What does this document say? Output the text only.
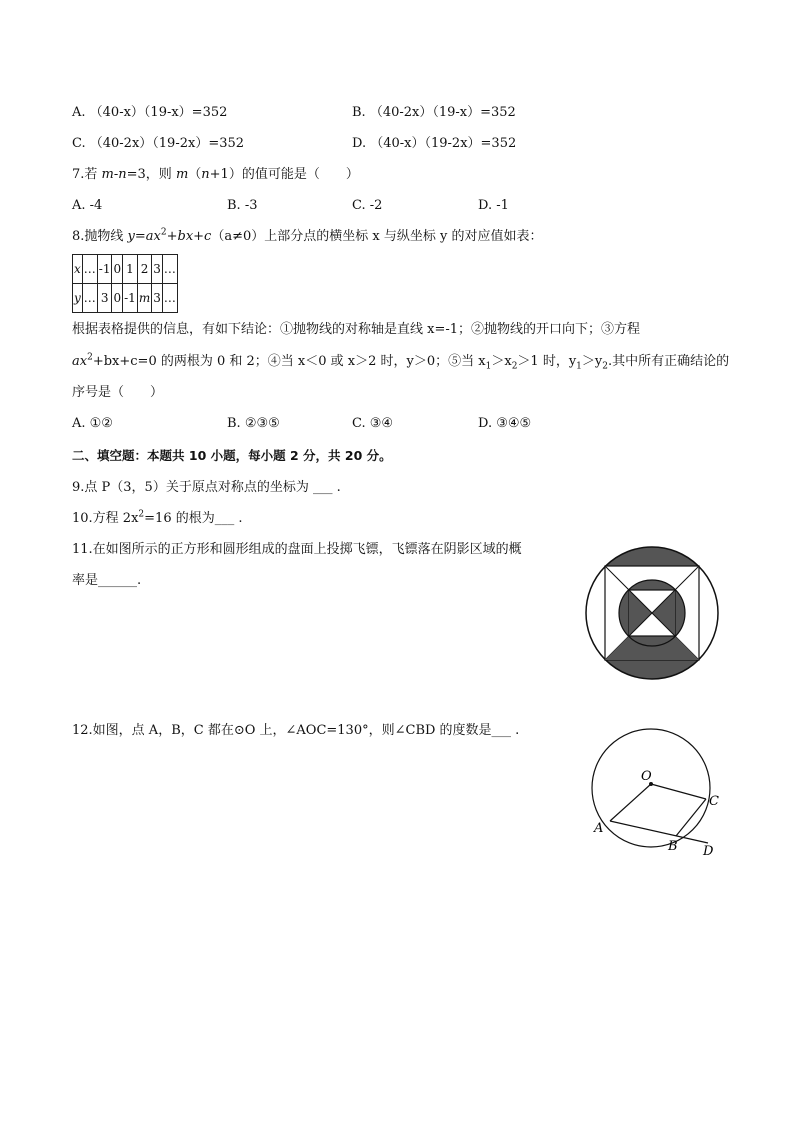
A. （40-x）（19-x）=352	B. （40-2x）（19-x）=352
C. （40-2x）（19-2x）=352	D. （40-x）（19-2x）=352
7.若 m-n=3，则 m（n+1）的值可能是（　　）
A. -4	B. -3	C. -2	D. -1
8.抛物线 $y=ax^2+bx+c(a\ne 0)$上部分点的横坐标 x 与纵坐标 y 的对应值如表：
x	…	-1	0	1	2	3	…
y	…	3	0	-1	m	3	…
根据表格提供的信息，有如下结论：①抛物线的对称轴是直线 x=-1；②抛物线的开口向下；③方程
$ax^2+bx+c=0$ 的两根为 0 和 2；④当 x＜0 或 x＞2 时，y＞0；⑤当 $x_1>x_2>1$ 时，$y_1>y_2$.其中所有正确结论的
序号是（　　）
A. ①②	B. ②③⑤	C. ③④	D. ③④⑤
二、填空题：本题共 10 小题，每小题 2 分，共 20 分。
9.点 P（3，5）关于原点对称点的坐标为 ___ .
10.方程 $2x^2=16$ 的根为___ .
11.在如图所示的正方形和圆形组成的盘面上投掷飞镖，飞镖落在阴影区域的概
率是______.
12.如图，点 A，B，C 都在⊙O 上，∠AOC=130°，则∠CBD 的度数是___ .
O
A
B
C
D
